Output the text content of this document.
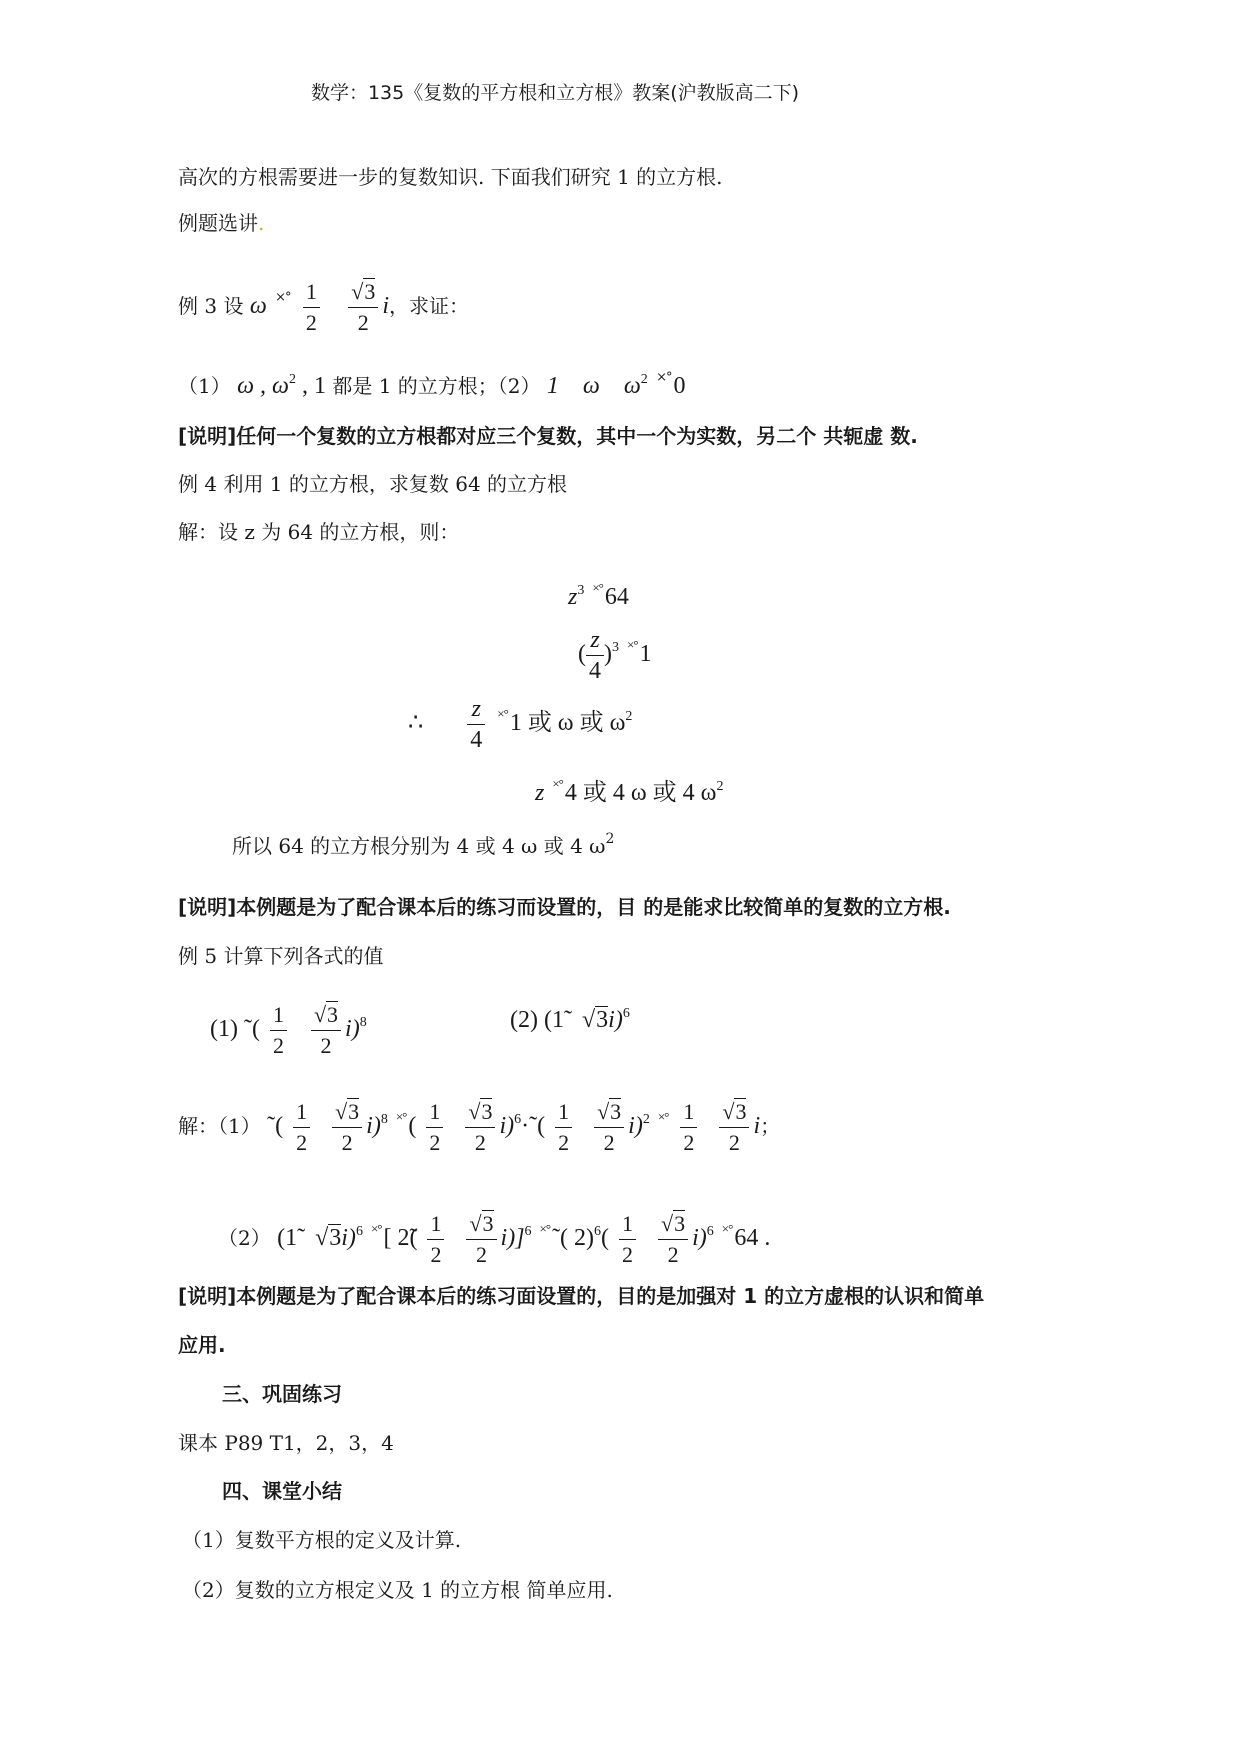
数学：135《复数的平方根和立方根》教案(沪教版高二下)
高次的方根需要进一步的复数知识. 下面我们研究 1 的立方根.
例题选讲.
例 3 设 ω ×° $\frac{1}{2}$
$\frac{√3}{2}$ i，求证：
（1） ω , $\omega^2$ , 1 都是 1 的立方根；（2） 1    ω    $\omega^2 \times^\circ 0$
[说明]任何一个复数的立方根都对应三个复数，其中一个为实数，另二个 共轭虚 数.
例 4 利用 1 的立方根，求复数 64 的立方根
解：设 z 为 64 的立方根，则：
$z^3 \times^\circ 64$
( $\frac{z}{4} )^3 \times^\circ 1$
∴ $\frac{z}{4} \times^\circ 1$ 或 ω 或 $\omega^2$
z ×°4 或 4 ω 或 4 $\omega^2$
所以 64 的立方根分别为 4 或 4 ω 或 4 $\omega^2$
[说明]本例题是为了配合课本后的练习而设置的，目 的是能求比较简单的复数的立方根.
例 5 计算下列各式的值
(1) ˜( $\frac{1}{2}$
$\frac{√3}{2} i)^8$	(2) (1̃   √3i)$^6$
解：（1） ˜( $\frac{1}{2}$
$\frac{√3}{2} i)^8$ ×°( $\frac{1}{2}$
$\frac{√3}{2}$ i)$^6$·˜( $\frac{1}{2}$
$\frac{√3}{2} i)^2$ ×° $\frac{1}{2}$
$\frac{√3}{2}$ i；
（2） (1̃   √3i)$^6$ ×°[ 2̃( $\frac{1}{2}$
$\frac{√3}{2} i)]^6$ ×°˜( $2)^6( \frac{1}{2}$
$\frac{√3}{2} i)^6 \times^\circ 64$ .
[说明]本例题是为了配合课本后的练习面设置的，目的是加强对 1 的立方虚根的认识和简单
应用.
三、巩固练习
课本 P89 T1，2，3，4
四、课堂小结
（1）复数平方根的定义及计算.
（2）复数的立方根定义及 1 的立方根 简单应用.
